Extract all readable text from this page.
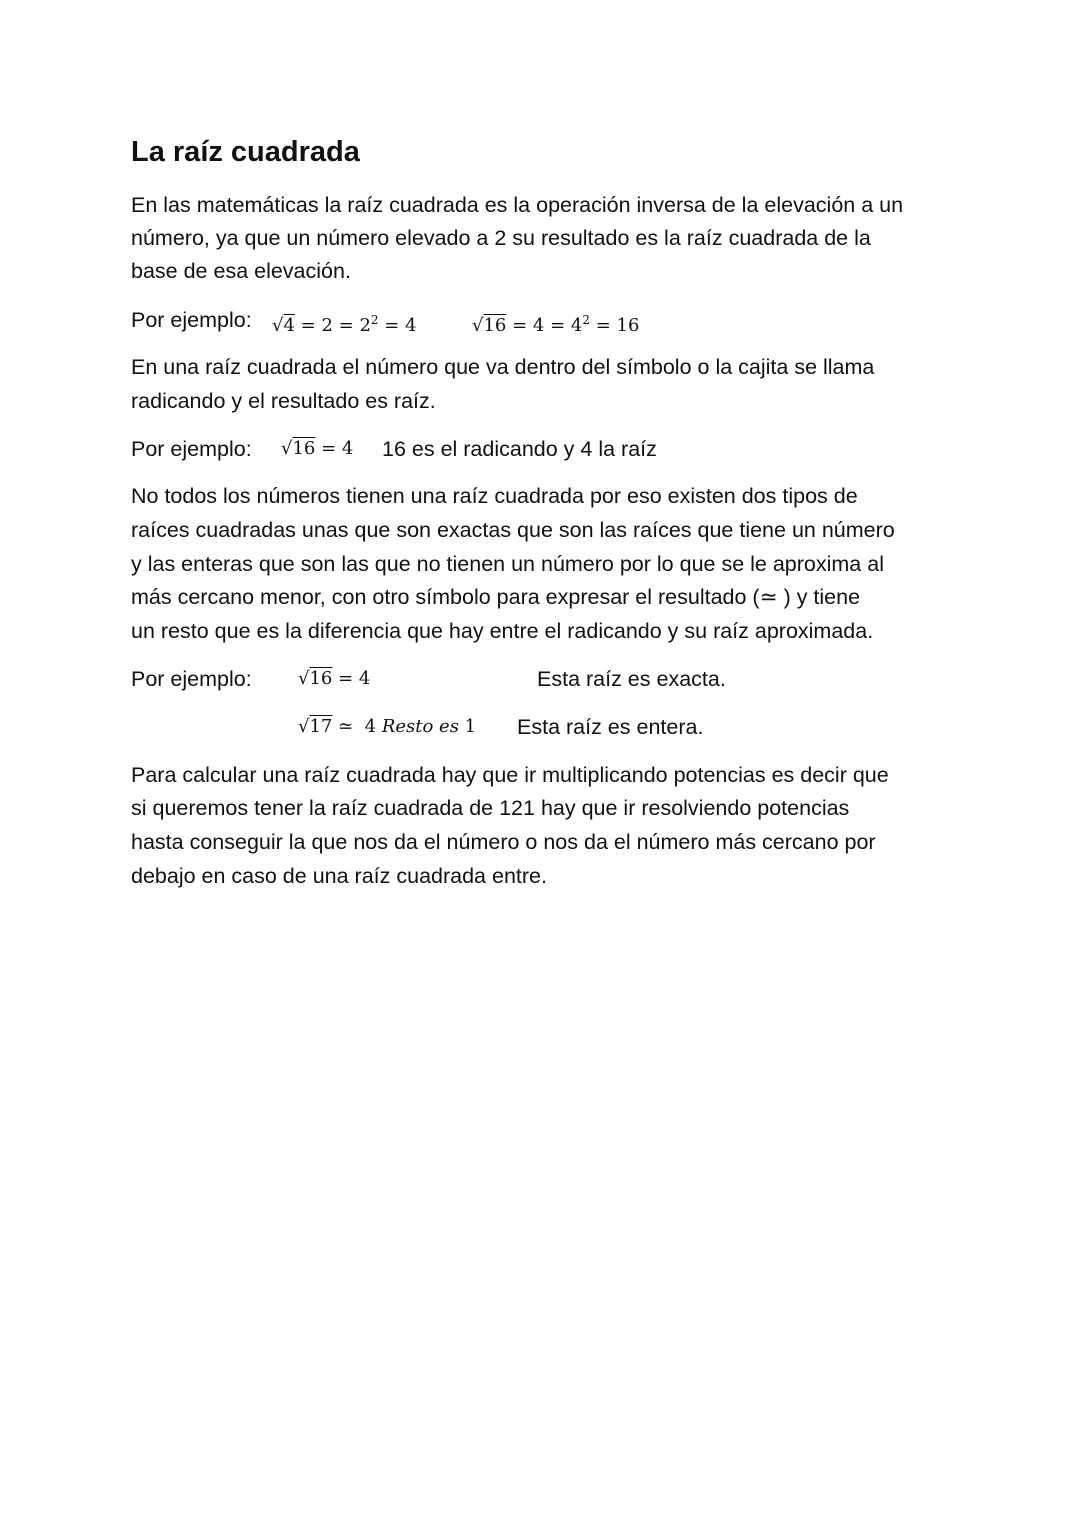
La raíz cuadrada
En las matemáticas la raíz cuadrada es la operación inversa de la elevación a un
número, ya que un número elevado a 2 su resultado es la raíz cuadrada de la
base de esa elevación.
Por ejemplo: $√4 = 2 = 2^2 = 4$	$√16 = 4 = 4^2 = 16$
En una raíz cuadrada el número que va dentro del símbolo o la cajita se llama
radicando y el resultado es raíz.
Por ejemplo: √16 = 4 16 es el radicando y 4 la raíz
No todos los números tienen una raíz cuadrada por eso existen dos tipos de
raíces cuadradas unas que son exactas que son las raíces que tiene un número
y las enteras que son las que no tienen un número por lo que se le aproxima al
más cercano menor, con otro símbolo para expresar el resultado (≃ ) y tiene
un resto que es la diferencia que hay entre el radicando y su raíz aproximada.
Por ejemplo:	√16 = 4	Esta raíz es exacta.
√17 ≃  4 Resto es 1 Esta raíz es entera.
Para calcular una raíz cuadrada hay que ir multiplicando potencias es decir que
si queremos tener la raíz cuadrada de 121 hay que ir resolviendo potencias
hasta conseguir la que nos da el número o nos da el número más cercano por
debajo en caso de una raíz cuadrada entre.
